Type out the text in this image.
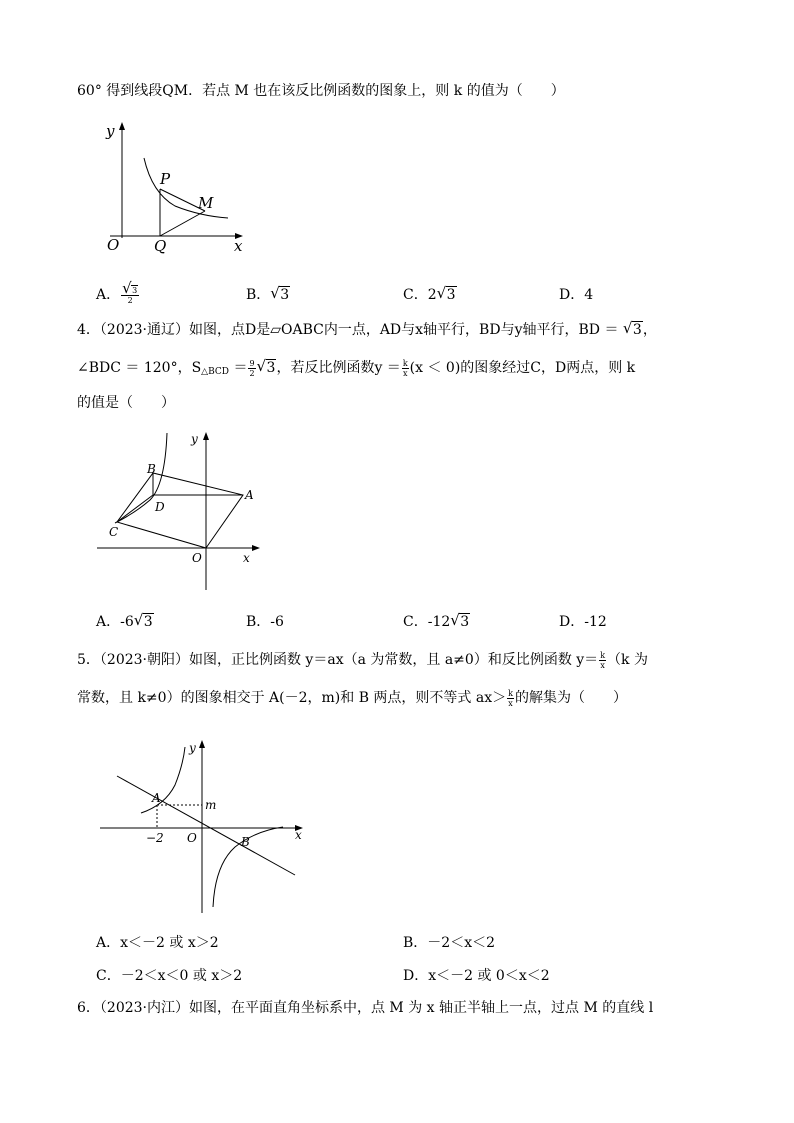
60° 得到线段QM．若点 M 也在该反比例函数的图象上，则 k 的值为（　　）
y
x
O
P
Q
M
A． √ $\frac{3}{2}$	B． √ 3	C．2 √ 3	D．4
4．（2023·通辽）如图，点D是▱OABC内一点，AD与x轴平行，BD与y轴平行，BD ＝ √ 3，
∠BDC ＝ 120°，$S_{\triangle BCD} = \frac{9}{2}$ √ 3，若反比例函数$y = \frac{k}{x} (x < 0)$的图象经过C，D两点，则 k
的值是（　　）
y
x
O
A
B
C
D
A．-6 √ 3	B．-6	C．-12 √ 3	D．-12
5．（2023·朝阳）如图，正比例函数 y＝ax（a 为常数，且 a≠0）和反比例函数 $y= \frac{k}{x} (k$ 为
常数，且 k≠0）的图象相交于 A(－2，m)和 B 两点，则不等式 $ax> \frac{k}{x}$ 的解集为（　　）
y
x
O
A
B
m
−2
A．x＜－2 或 x＞2	B．－2＜x＜2
C．－2＜x＜0 或 x＞2	D．x＜－2 或 0＜x＜2
6．（2023·内江）如图，在平面直角坐标系中，点 M 为 x 轴正半轴上一点，过点 M 的直线 l
